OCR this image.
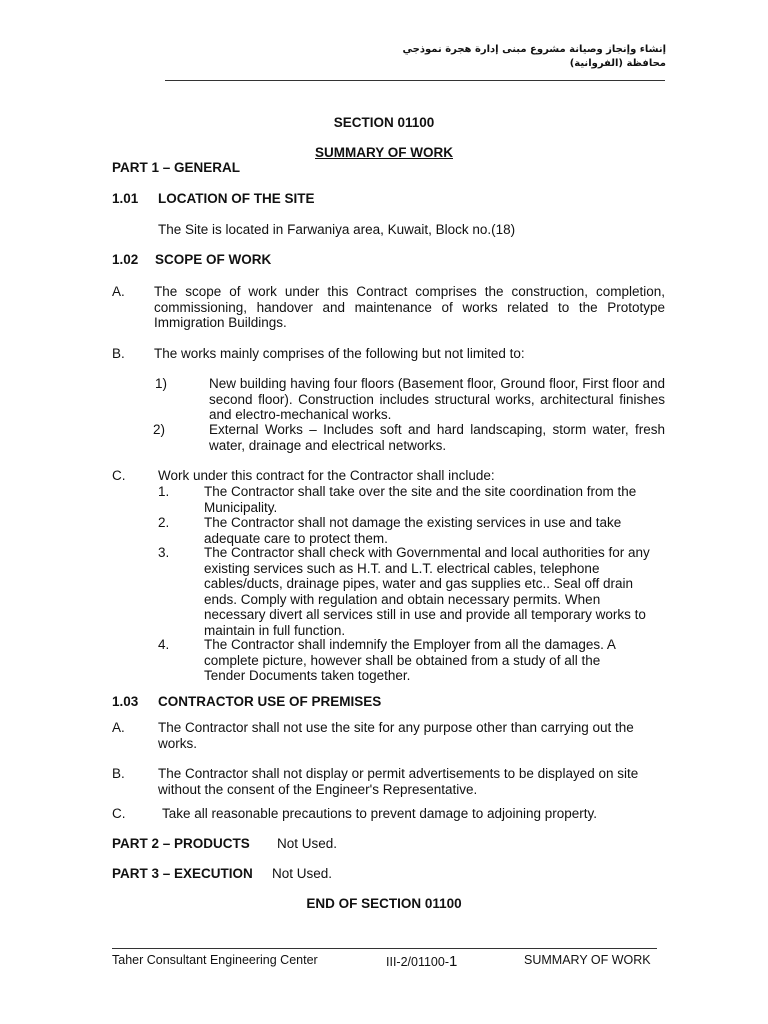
إنشاء وإنجاز وصيانة مشروع مبنى إدارة هجرة نموذجي
محافظة (الفروانية)
SECTION 01100
SUMMARY OF WORK
PART 1 – GENERAL
1.01 LOCATION OF THE SITE
The Site is located in Farwaniya area, Kuwait, Block no.(18)
1.02 SCOPE OF WORK
A. The scope of work under this Contract comprises the construction, completion, commissioning, handover and maintenance of works related to the Prototype Immigration Buildings.
B. The works mainly comprises of the following but not limited to:
1)	New building having four floors (Basement floor, Ground floor, First floor and second floor). Construction includes structural works, architectural finishes and electro-mechanical works.
2)	External Works – Includes soft and hard landscaping, storm water, fresh water, drainage and electrical networks.
C. Work under this contract for the Contractor shall include:
1.	The Contractor shall take over the site and the site coordination from the Municipality.
2.	The Contractor shall not damage the existing services in use and take adequate care to protect them.
3.	The Contractor shall check with Governmental and local authorities for any existing services such as H.T. and L.T. electrical cables, telephone cables/ducts, drainage pipes, water and gas supplies etc.. Seal off drain ends. Comply with regulation and obtain necessary permits. When necessary divert all services still in use and provide all temporary works to maintain in full function.
4.	The Contractor shall indemnify the Employer from all the damages. A complete picture, however shall be obtained from a study of all the Tender Documents taken together.
1.03 CONTRACTOR USE OF PREMISES
A. The Contractor shall not use the site for any purpose other than carrying out the works.
B. The Contractor shall not display or permit advertisements to be displayed on site without the consent of the Engineer's Representative.
C.	Take all reasonable precautions to prevent damage to adjoining property.
PART 2 – PRODUCTS Not Used.
PART 3 – EXECUTION Not Used.
END OF SECTION 01100
Taher Consultant Engineering Center	III-2/01100-1	SUMMARY OF WORK
